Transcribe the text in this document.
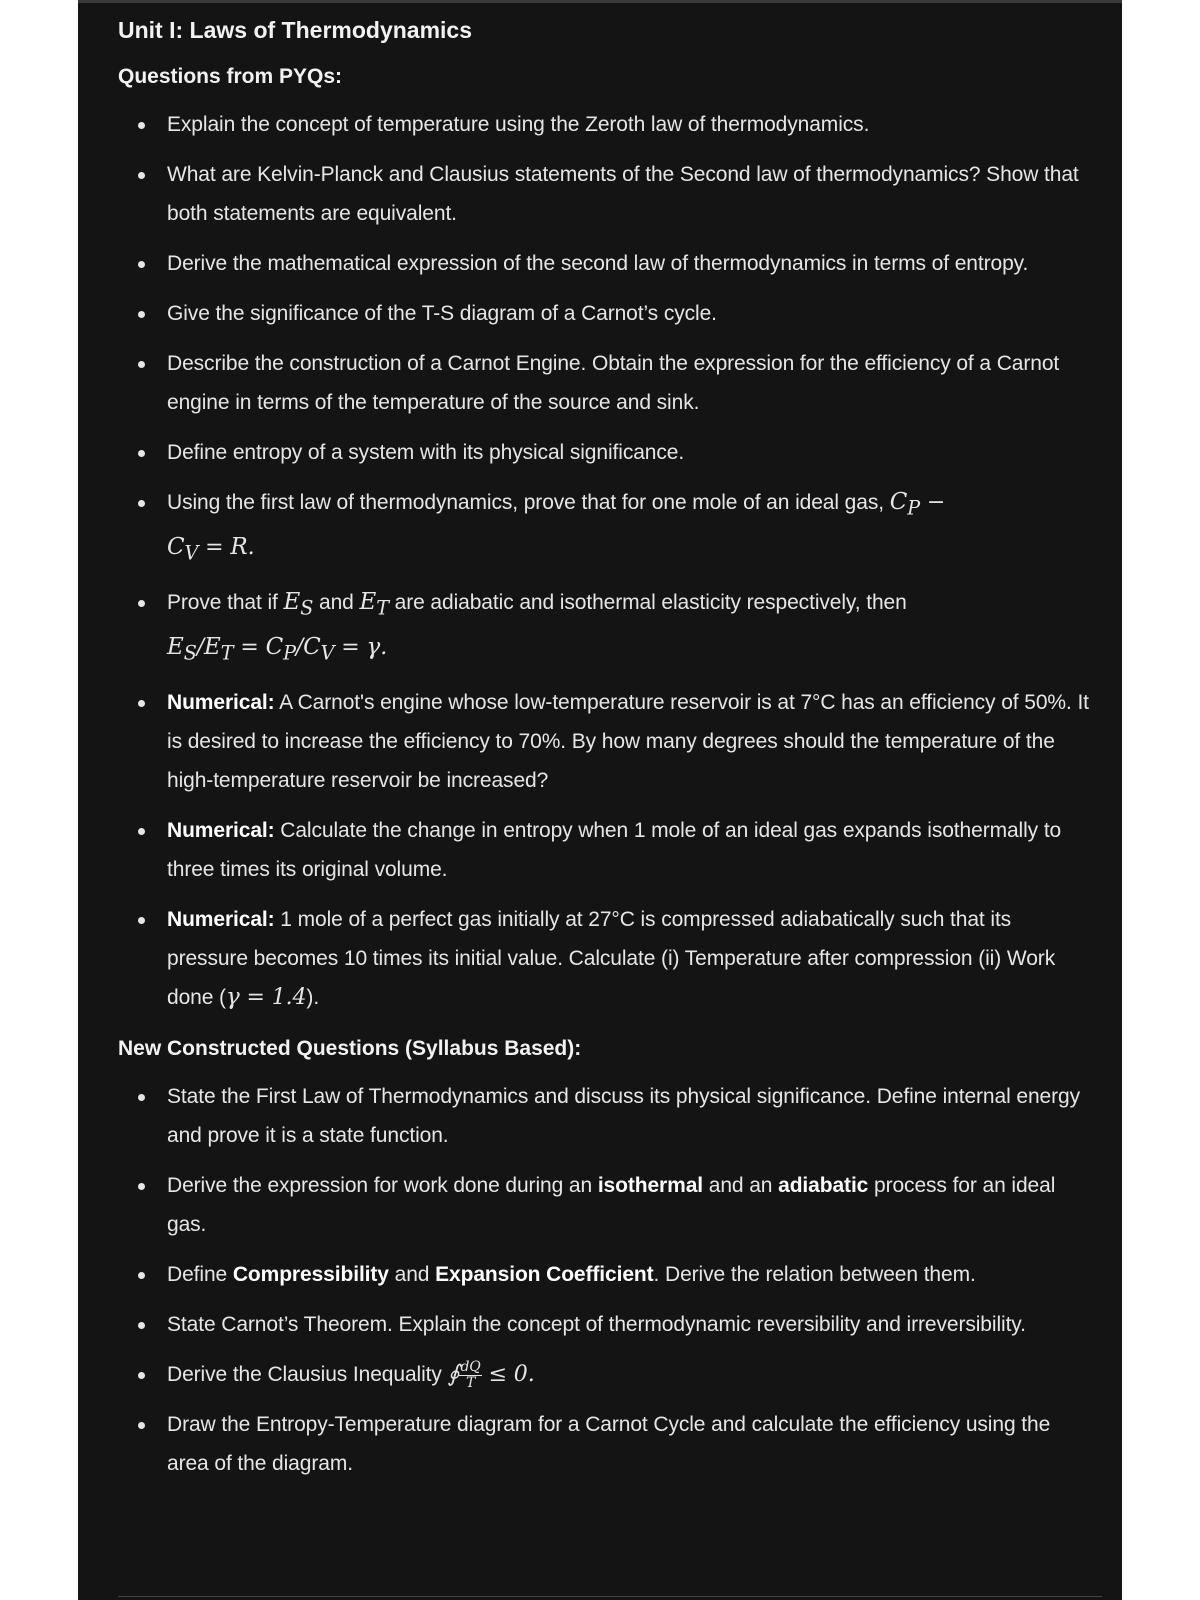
Unit I: Laws of Thermodynamics
Questions from PYQs:
Explain the concept of temperature using the Zeroth law of thermodynamics.
What are Kelvin-Planck and Clausius statements of the Second law of thermodynamics? Show that both statements are equivalent.
Derive the mathematical expression of the second law of thermodynamics in terms of entropy.
Give the significance of the T-S diagram of a Carnot’s cycle.
Describe the construction of a Carnot Engine. Obtain the expression for the efficiency of a Carnot engine in terms of the temperature of the source and sink.
Define entropy of a system with its physical significance.
Using the first law of thermodynamics, prove that for one mole of an ideal gas, $C_P$ −
$C_V = R$.
Prove that if $E_S$ and $E_T$ are adiabatic and isothermal elasticity respectively, then
$E_S/E_T = C_P/C_V = \gamma$.
Numerical: A Carnot's engine whose low-temperature reservoir is at 7°C has an efficiency of 50%. It is desired to increase the efficiency to 70%. By how many degrees should the temperature of the high-temperature reservoir be increased?
Numerical: Calculate the change in entropy when 1 mole of an ideal gas expands isothermally to three times its original volume.
Numerical: 1 mole of a perfect gas initially at 27°C is compressed adiabatically such that its pressure becomes 10 times its initial value. Calculate (i) Temperature after compression (ii) Work done (γ = 1.4).
New Constructed Questions (Syllabus Based):
State the First Law of Thermodynamics and discuss its physical significance. Define internal energy and prove it is a state function.
Derive the expression for work done during an isothermal and an adiabatic process for an ideal gas.
Define Compressibility and Expansion Coefficient. Derive the relation between them.
State Carnot’s Theorem. Explain the concept of thermodynamic reversibility and irreversibility.
Derive the Clausius Inequality ∮ $\frac{dQ}{T} \le 0$.
Draw the Entropy-Temperature diagram for a Carnot Cycle and calculate the efficiency using the area of the diagram.
